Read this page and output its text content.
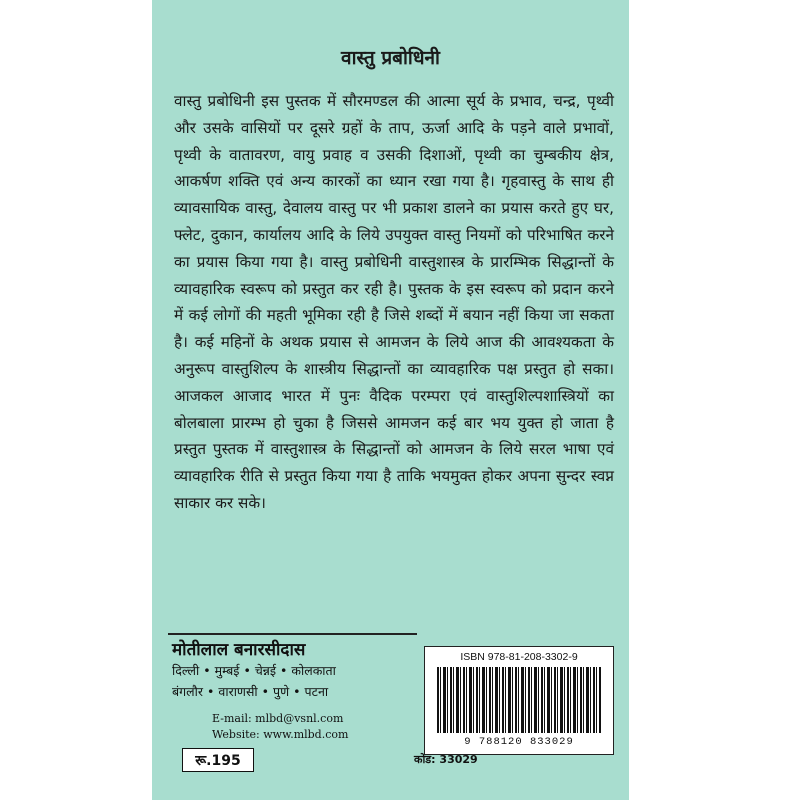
वास्तु प्रबोधिनी
वास्तु प्रबोधिनी इस पुस्तक में सौरमण्डल की आत्मा सूर्य के प्रभाव, चन्द्र, पृथ्वी और उसके वासियों पर दूसरे ग्रहों के ताप, ऊर्जा आदि के पड़ने वाले प्रभावों, पृथ्वी के वातावरण, वायु प्रवाह व उसकी दिशाओं, पृथ्वी का चुम्बकीय क्षेत्र, आकर्षण शक्ति एवं अन्य कारकों का ध्यान रखा गया है। गृहवास्तु के साथ ही व्यावसायिक वास्तु, देवालय वास्तु पर भी प्रकाश डालने का प्रयास करते हुए घर, फ्लेट, दुकान, कार्यालय आदि के लिये उपयुक्त वास्तु नियमों को परिभाषित करने का प्रयास किया गया है। वास्तु प्रबोधिनी वास्तुशास्त्र के प्रारम्भिक सिद्धान्तों के व्यावहारिक स्वरूप को प्रस्तुत कर रही है। पुस्तक के इस स्वरूप को प्रदान करने में कई लोगों की महती भूमिका रही है जिसे शब्दों में बयान नहीं किया जा सकता है। कई महिनों के अथक प्रयास से आमजन के लिये आज की आवश्यकता के अनुरूप वास्तुशिल्प के शास्त्रीय सिद्धान्तों का व्यावहारिक पक्ष प्रस्तुत हो सका। आजकल आजाद भारत में पुनः वैदिक परम्परा एवं वास्तुशिल्पशास्त्रियों का बोलबाला प्रारम्भ हो चुका है जिससे आमजन कई बार भय युक्त हो जाता है प्रस्तुत पुस्तक में वास्तुशास्त्र के सिद्धान्तों को आमजन के लिये सरल भाषा एवं व्यावहारिक रीति से प्रस्तुत किया गया है ताकि भयमुक्त होकर अपना सुन्दर स्वप्न साकार कर सके।
मोतीलाल बनारसीदास
दिल्ली • मुम्बई • चेन्नई • कोलकाता
बंगलौर • वाराणसी • पुणे • पटना
E-mail: mlbd@vsnl.com
Website: www.mlbd.com
ISBN 978-81-208-3302-9
9 788120 833029
रू.195	कोड: 33029
